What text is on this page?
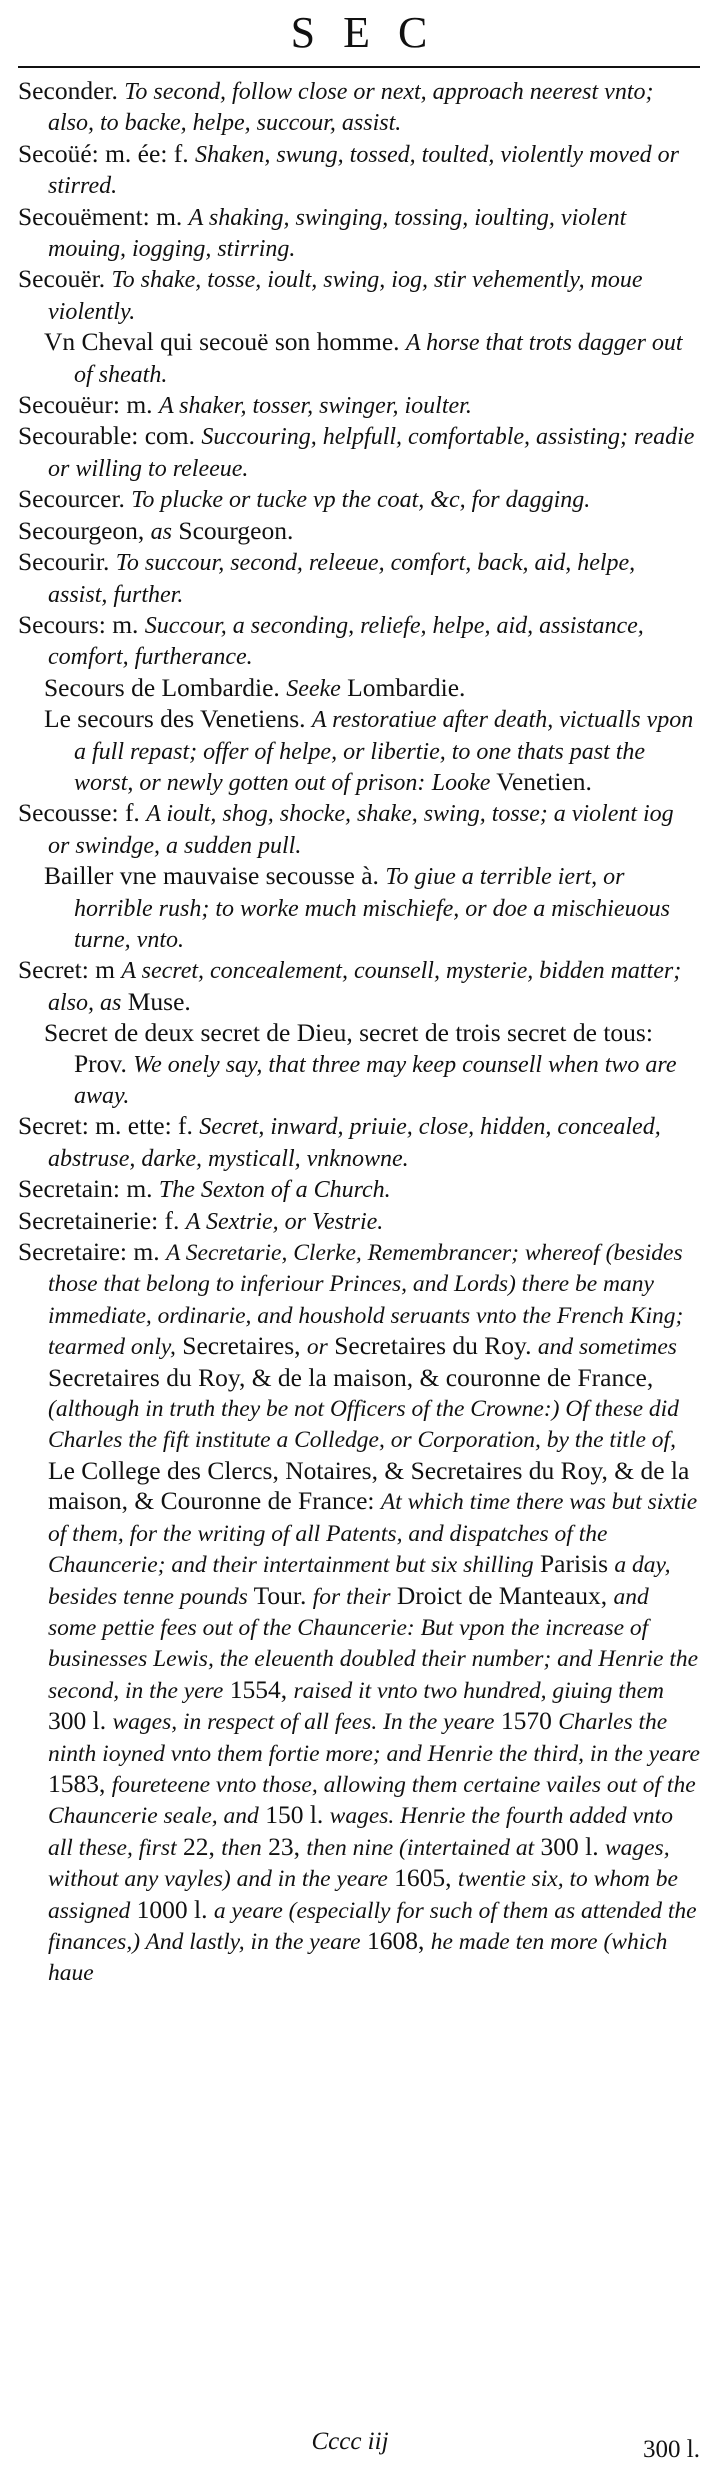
SEC

Seconder. To second, follow close or next, approach neerest vnto; also, to backe, helpe, succour, assist.

Secoüé: m. ée: f. Shaken, swung, tossed, toulted, violently moved or stirred.

Secouëment: m. A shaking, swinging, tossing, ioulting, violent mouing, iogging, stirring.

Secouër. To shake, tosse, ioult, swing, iog, stir vehemently, moue violently.

Vn Cheval qui secouë son homme. A horse that trots dagger out of sheath.

Secouëur: m. A shaker, tosser, swinger, ioulter.

Secourable: com. Succouring, helpfull, comfortable, assisting; readie or willing to releeue.

Secourcer. To plucke or tucke vp the coat, &c, for dagging.

Secourgeon, as Scourgeon.

Secourir. To succour, second, releeue, comfort, back, aid, helpe, assist, further.

Secours: m. Succour, a seconding, reliefe, helpe, aid, assistance, comfort, furtherance.

Secours de Lombardie. Seeke Lombardie.

Le secours des Venetiens. A restoratiue after death, victualls vpon a full repast; offer of helpe, or libertie, to one thats past the worst, or newly gotten out of prison: Looke Venetien.

Secousse: f. A ioult, shog, shocke, shake, swing, tosse; a violent iog or swindge, a sudden pull.

Bailler vne mauvaise secousse à. To giue a terrible iert, or horrible rush; to worke much mischiefe, or doe a mischieuous turne, vnto.

Secret: m A secret, concealement, counsell, mysterie, bidden matter; also, as Muse.

Secret de deux secret de Dieu, secret de trois secret de tous: Prov. We onely say, that three may keep counsell when two are away.

Secret: m. ette: f. Secret, inward, priuie, close, hidden, concealed, abstruse, darke, mysticall, vnknowne.

Secretain: m. The Sexton of a Church.

Secretainerie: f. A Sextrie, or Vestrie.

Secretaire: m. A Secretarie, Clerke, Remembrancer; whereof (besides those that belong to inferiour Princes, and Lords) there be many immediate, ordinarie, and houshold seruants vnto the French King; tearmed only, Secretaires, or Secretaires du Roy. and sometimes Secretaires du Roy, & de la maison, & couronne de France, (although in truth they be not Officers of the Crowne:) Of these did Charles the fift institute a Colledge, or Corporation, by the title of, Le College des Clercs, Notaires, & Secretaires du Roy, & de la maison, & Couronne de France: At which time there was but sixtie of them, for the writing of all Patents, and dispatches of the Chauncerie; and their intertainment but six shilling Parisis a day, besides tenne pounds Tour. for their Droict de Manteaux, and some pettie fees out of the Chauncerie: But vpon the increase of businesses Lewis, the eleuenth doubled their number; and Henrie the second, in the yere 1554, raised it vnto two hundred, giuing them 300 l. wages, in respect of all fees. In the yeare 1570 Charles the ninth ioyned vnto them fortie more; and Henrie the third, in the yeare 1583, foureteene vnto those, allowing them certaine vailes out of the Chauncerie seale, and 150 l. wages. Henrie the fourth added vnto all these, first 22, then 23, then nine (intertained at 300 l. wages, without any vayles) and in the yeare 1605, twentie six, to whom be assigned 1000 l. a yeare (especially for such of them as attended the finances,) And lastly, in the yeare 1608, he made ten more (which haue

Cccc iij	300 l.
